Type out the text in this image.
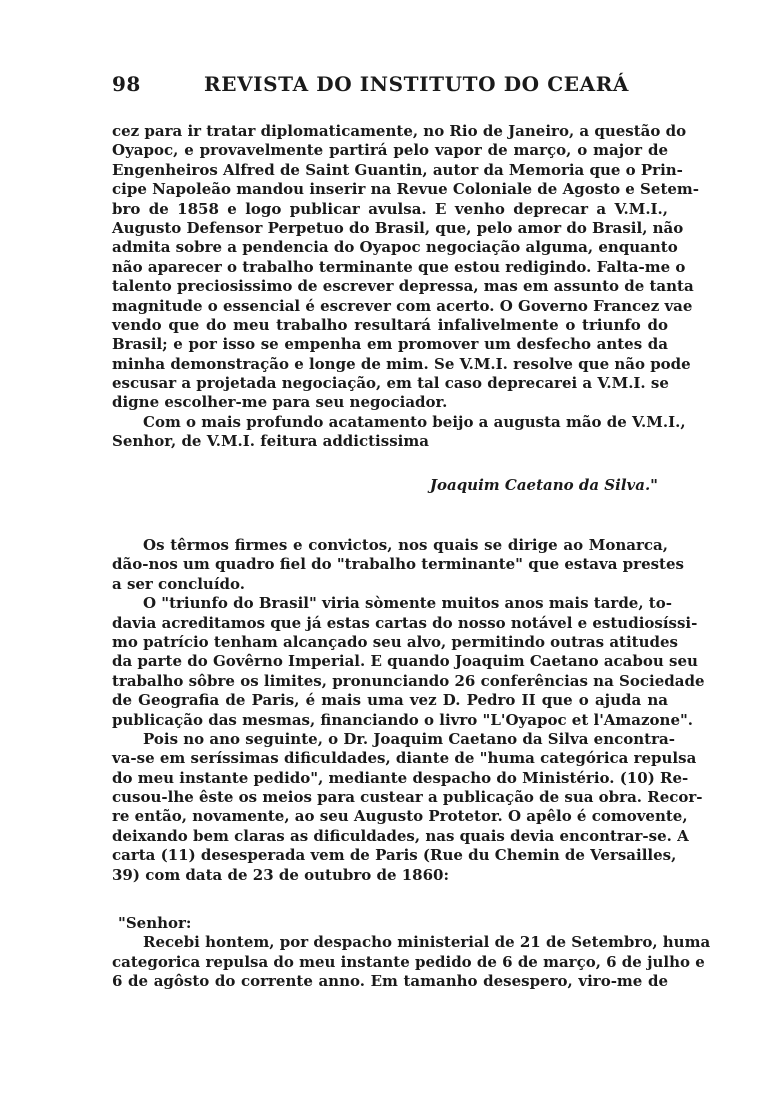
98	REVISTA DO INSTITUTO DO CEARÁ
cez para ir tratar diplomaticamente, no Rio de Janeiro, a questão do
Oyapoc, e provavelmente partirá pelo vapor de março, o major de
Engenheiros Alfred de Saint Guantin, autor da Memoria que o Prin-
cipe Napoleão mandou inserir na Revue Coloniale de Agosto e Setem-
bro de 1858 e logo publicar avulsa. E venho deprecar a V.M.I.,
Augusto Defensor Perpetuo do Brasil, que, pelo amor do Brasil, não
admita sobre a pendencia do Oyapoc negociação alguma, enquanto
não aparecer o trabalho terminante que estou redigindo. Falta-me o
talento preciosissimo de escrever depressa, mas em assunto de tanta
magnitude o essencial é escrever com acerto. O Governo Francez vae
vendo que do meu trabalho resultará infalivelmente o triunfo do
Brasil; e por isso se empenha em promover um desfecho antes da
minha demonstração e longe de mim. Se V.M.I. resolve que não pode
escusar a projetada negociação, em tal caso deprecarei a V.M.I. se
digne escolher-me para seu negociador.
Com o mais profundo acatamento beijo a augusta mão de V.M.I.,
Senhor, de V.M.I. feitura addictissima
Joaquim Caetano da Silva."
Os têrmos firmes e convictos, nos quais se dirige ao Monarca,
dão-nos um quadro fiel do "trabalho terminante" que estava prestes
a ser concluído.
O "triunfo do Brasil" viria sòmente muitos anos mais tarde, to-
davia acreditamos que já estas cartas do nosso notável e estudiosíssi-
mo patrício tenham alcançado seu alvo, permitindo outras atitudes
da parte do Govêrno Imperial. E quando Joaquim Caetano acabou seu
trabalho sôbre os limites, pronunciando 26 conferências na Sociedade
de Geografia de Paris, é mais uma vez D. Pedro II que o ajuda na
publicação das mesmas, financiando o livro "L'Oyapoc et l'Amazone".
Pois no ano seguinte, o Dr. Joaquim Caetano da Silva encontra-
va-se em seríssimas dificuldades, diante de "huma categórica repulsa
do meu instante pedido", mediante despacho do Ministério. (10) Re-
cusou-lhe êste os meios para custear a publicação de sua obra. Recor-
re então, novamente, ao seu Augusto Protetor. O apêlo é comovente,
deixando bem claras as dificuldades, nas quais devia encontrar-se. A
carta (11) desesperada vem de Paris (Rue du Chemin de Versailles,
39) com data de 23 de outubro de 1860:
"Senhor:
Recebi hontem, por despacho ministerial de 21 de Setembro, huma
categorica repulsa do meu instante pedido de 6 de março, 6 de julho e
6 de agôsto do corrente anno. Em tamanho desespero, viro-me de
